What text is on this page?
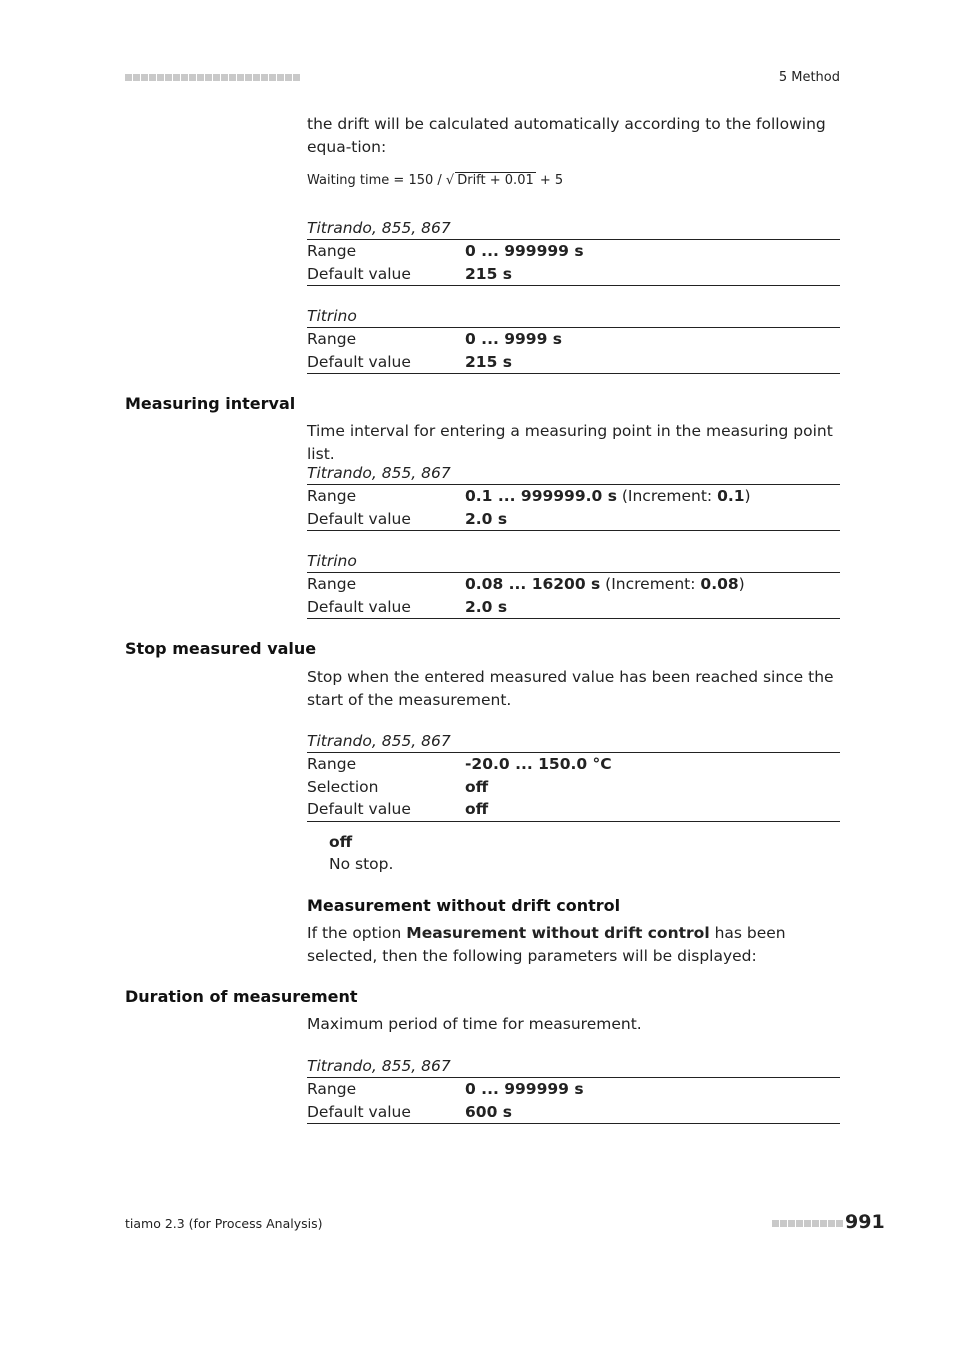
5 Method
the drift will be calculated automatically according to the following equa-tion:
Waiting time = 150 / √ Drift + 0.01 + 5
Titrando, 855, 867
Range	0 ... 999999 s
Default value	215 s
Titrino
Range	0 ... 9999 s
Default value	215 s
Measuring interval
Time interval for entering a measuring point in the measuring point list.
Titrando, 855, 867
Range	0.1 ... 999999.0 s (Increment: 0.1)
Default value	2.0 s
Titrino
Range	0.08 ... 16200 s (Increment: 0.08)
Default value	2.0 s
Stop measured value
Stop when the entered measured value has been reached since the start of the measurement.
Titrando, 855, 867
Range	-20.0 ... 150.0 °C
Selection	off
Default value	off
off
No stop.
Measurement without drift control
If the option Measurement without drift control has been selected, then the following parameters will be displayed:
Duration of measurement
Maximum period of time for measurement.
Titrando, 855, 867
Range	0 ... 999999 s
Default value	600 s
tiamo 2.3 (for Process Analysis)	991
